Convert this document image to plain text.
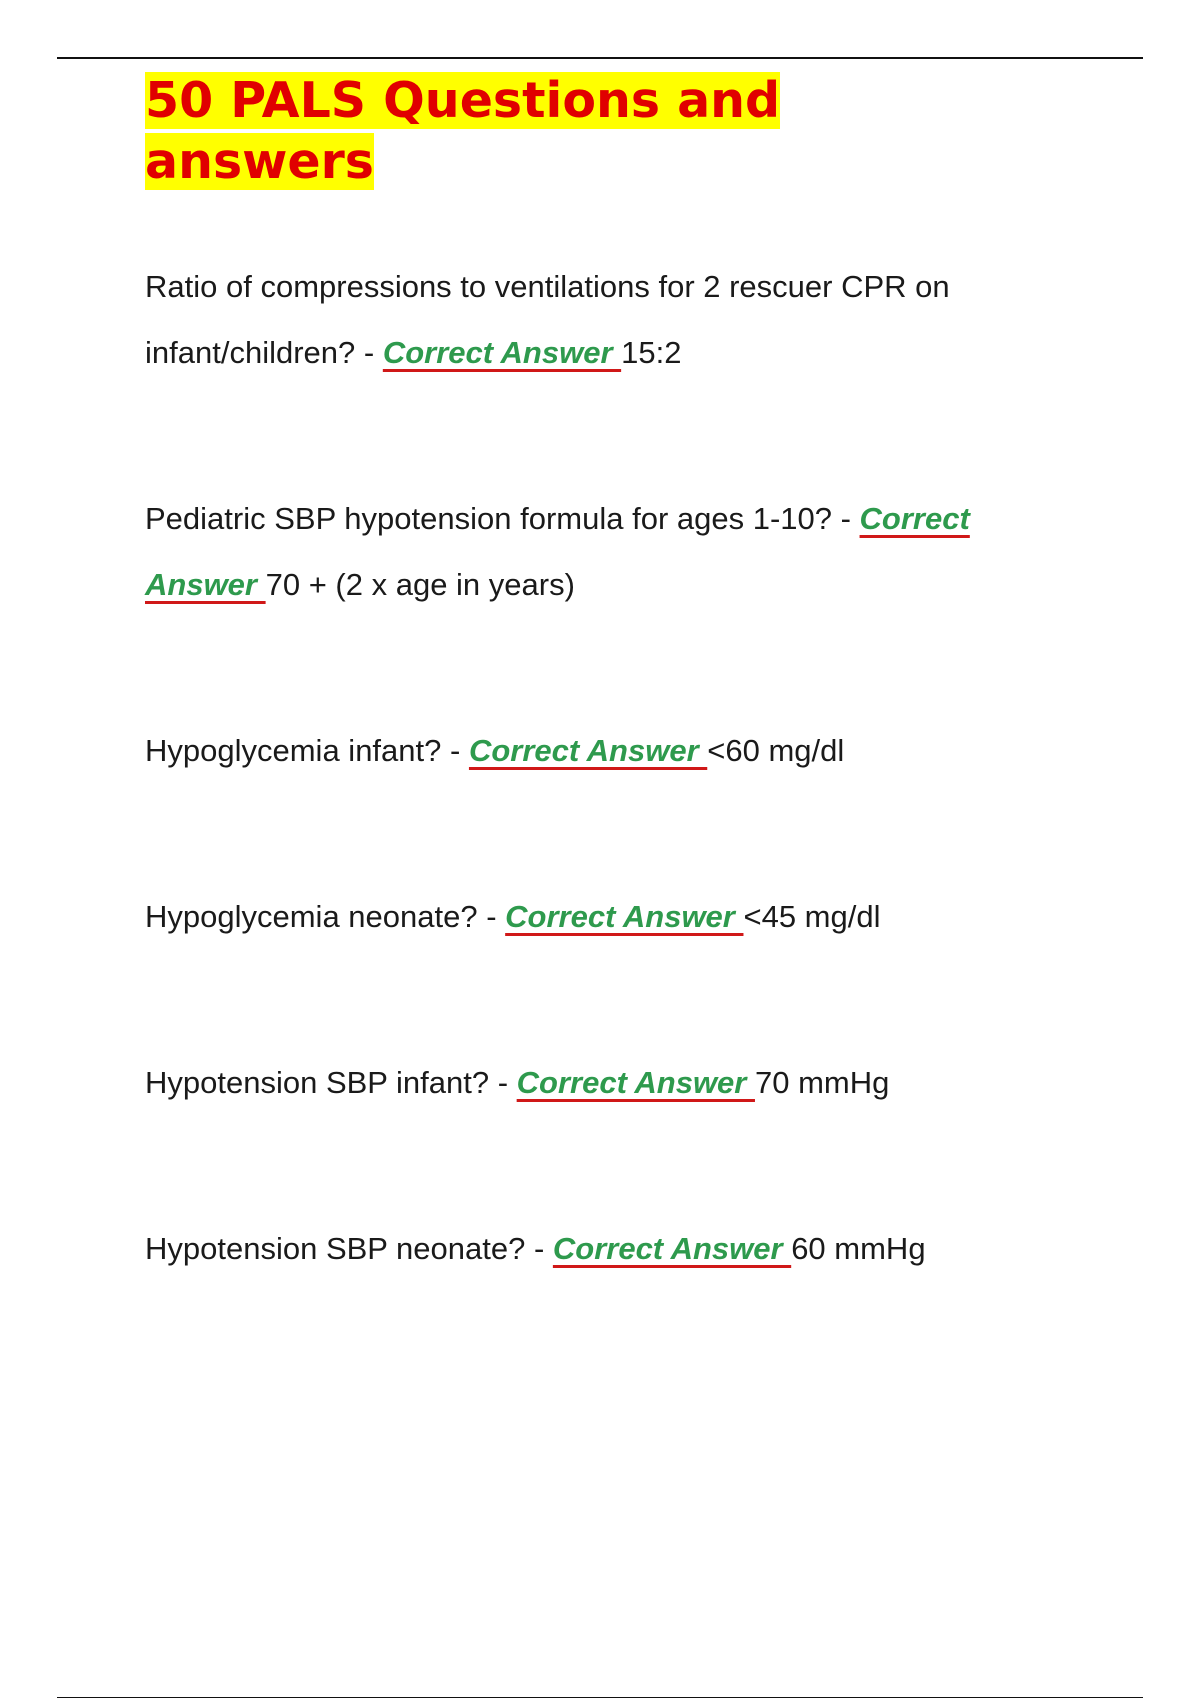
50 PALS Questions and answers

Ratio of compressions to ventilations for 2 rescuer CPR on infant/children? - Correct Answer 15:2

Pediatric SBP hypotension formula for ages 1-10? - Correct Answer 70 + (2 x age in years)

Hypoglycemia infant? - Correct Answer <60 mg/dl

Hypoglycemia neonate? - Correct Answer <45 mg/dl

Hypotension SBP infant? - Correct Answer 70 mmHg

Hypotension SBP neonate? - Correct Answer 60 mmHg
